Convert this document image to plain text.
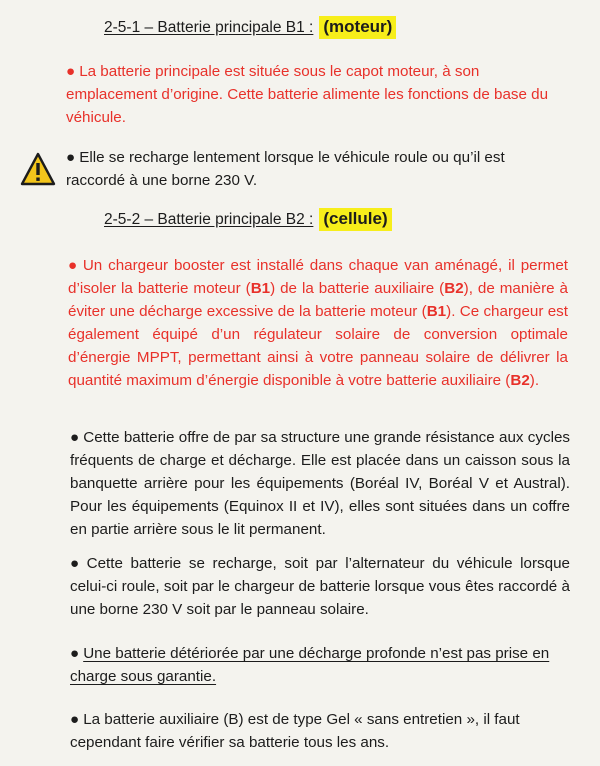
2-5-1 – Batterie principale B1 : (moteur)

● La batterie principale est située sous le capot moteur, à son emplacement d’origine. Cette batterie alimente les fonctions de base du véhicule.

● Elle se recharge lentement lorsque le véhicule roule ou qu’il est raccordé à une borne 230 V.

2-5-2 – Batterie principale B2 : (cellule)

● Un chargeur booster est installé dans chaque van aménagé, il permet d’isoler la batterie moteur (B1) de la batterie auxiliaire (B2), de manière à éviter une décharge excessive de la batterie moteur (B1). Ce chargeur est également équipé d’un régulateur solaire de conversion optimale d’énergie MPPT, permettant ainsi à votre panneau solaire de délivrer la quantité maximum d’énergie disponible à votre batterie auxiliaire (B2).

● Cette batterie offre de par sa structure une grande résistance aux cycles fréquents de charge et décharge. Elle est placée dans un caisson sous la banquette arrière pour les équipements (Boréal IV, Boréal V et Austral). Pour les équipements (Equinox II et IV), elles sont situées dans un coffre en partie arrière sous le lit permanent.

● Cette batterie se recharge, soit par l’alternateur du véhicule lorsque celui-ci roule, soit par le chargeur de batterie lorsque vous êtes raccordé à une borne 230 V soit par le panneau solaire.

● Une batterie détériorée par une décharge profonde n’est pas prise en charge sous garantie.

● La batterie auxiliaire (B) est de type Gel « sans entretien », il faut cependant faire vérifier sa batterie tous les ans.
